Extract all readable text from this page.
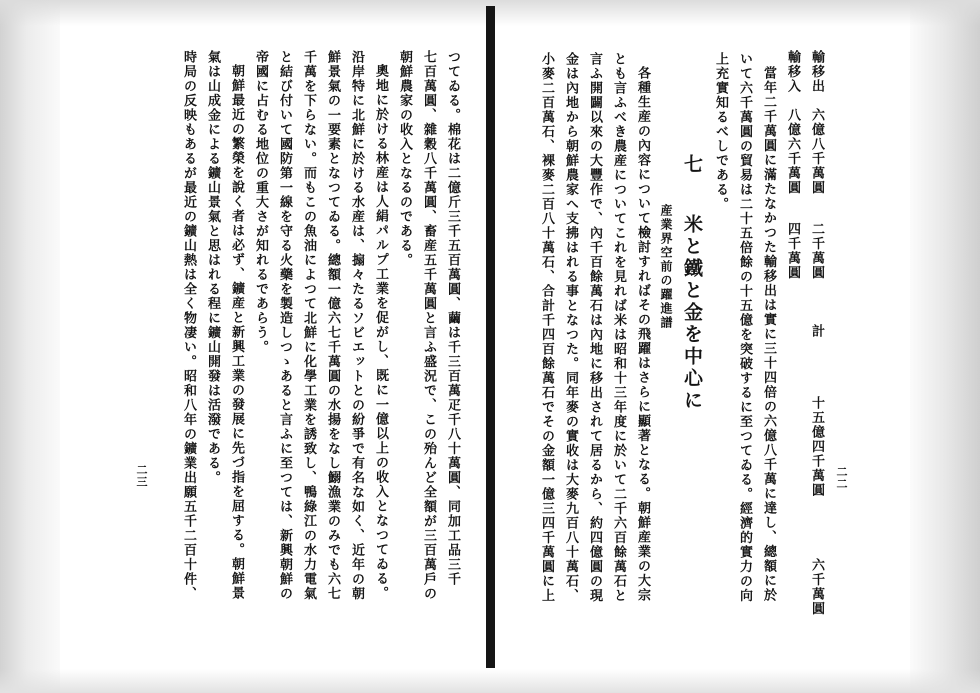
二二
輸移出
六億八千萬圓
二千萬圓
計
十五億四千萬圓
六千萬圓
輸移入
八億六千萬圓
四千萬圓
當年二千萬圓に滿たなかつた輸移出は實に三十四倍の六億八千萬に達し、總額に於
いて六千萬圓の貿易は二十五倍餘の十五億を突破するに至つてゐる。經濟的實力の向
上充實知るべしである。
七
米と鐵と金を中心に
産業界空前の躍進譜
各種生産の內容について檢討すればその飛躍はさらに顯著となる。朝鮮産業の大宗
とも言ふべき農産についてこれを見れば米は昭和十三年度に於いて二千六百餘萬石と
言ふ開闢以來の大豐作で、內千百餘萬石は內地に移出されて居るから、約四億圓の現
金は內地から朝鮮農家へ支拂はれる事となつた。同年麥の實收は大麥九百八十萬石、
小麥二百萬石、裸麥二百八十萬石、合計千四百餘萬石でその金額一億三四千萬圓に上
つてゐる。棉花は二億斤三千五百萬圓、繭は千三百萬疋千八十萬圓、同加工品三千
七百萬圓、雜穀八千萬圓、畜産五千萬圓と言ふ盛況で、この殆んど全額が三百萬戶の
朝鮮農家の收入となるのである。
奧地に於ける林産は人絹パルプ工業を促がし、既に一億以上の收入となつてゐる。
沿岸特に北鮮に於ける水産は、搧々たるソビエットとの紛爭で有名な如く、近年の朝
鮮景氣の一要素となつてゐる。總額一億六七千萬圓の水揚をなし鰯漁業のみでも六七
千萬を下らない。而もこの魚油によつて北鮮に化學工業を誘致し、鴨綠江の水力電氣
と結び付いて國防第一線を守る火藥を製造しつゝあると言ふに至つては、新興朝鮮の
帝國に占むる地位の重大さが知れるであらう。
朝鮮最近の繁榮を說く者は必ず、鑛産と新興工業の發展に先づ指を屈する。朝鮮景
氣は山成金による鑛山景氣と思はれる程に鑛山開發は活潑である。
時局の反映もあるが最近の鑛山熱は全く物凄い。昭和八年の鑛業出願五千二百十件、
二三
